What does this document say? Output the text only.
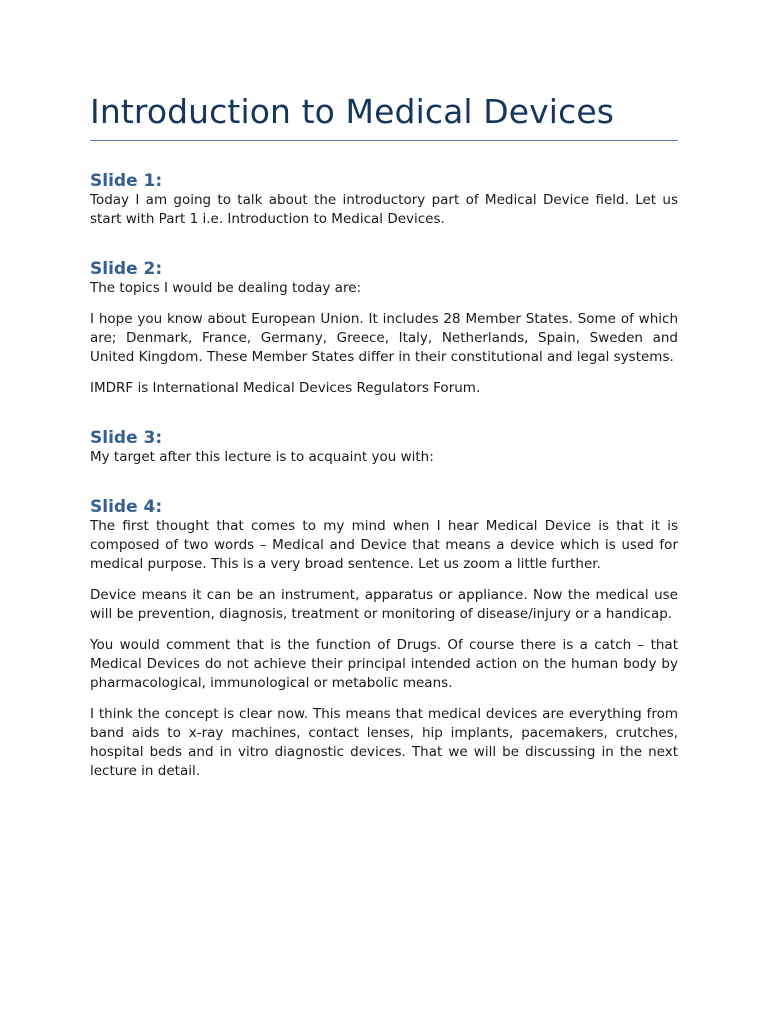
Introduction to Medical Devices
Slide 1:

Today I am going to talk about the introductory part of Medical Device field. Let us start with Part 1 i.e. Introduction to Medical Devices.

Slide 2:

The topics I would be dealing today are:

I hope you know about European Union. It includes 28 Member States. Some of which are; Denmark, France, Germany, Greece, Italy, Netherlands, Spain, Sweden and United Kingdom. These Member States differ in their constitutional and legal systems.

IMDRF is International Medical Devices Regulators Forum.

Slide 3:

My target after this lecture is to acquaint you with:

Slide 4:

The first thought that comes to my mind when I hear Medical Device is that it is composed of two words – Medical and Device that means a device which is used for medical purpose. This is a very broad sentence. Let us zoom a little further.

Device means it can be an instrument, apparatus or appliance. Now the medical use will be prevention, diagnosis, treatment or monitoring of disease/injury or a handicap.

You would comment that is the function of Drugs. Of course there is a catch – that Medical Devices do not achieve their principal intended action on the human body by pharmacological, immunological or metabolic means.

I think the concept is clear now. This means that medical devices are everything from band aids to x-ray machines, contact lenses, hip implants, pacemakers, crutches, hospital beds and in vitro diagnostic devices. That we will be discussing in the next lecture in detail.
